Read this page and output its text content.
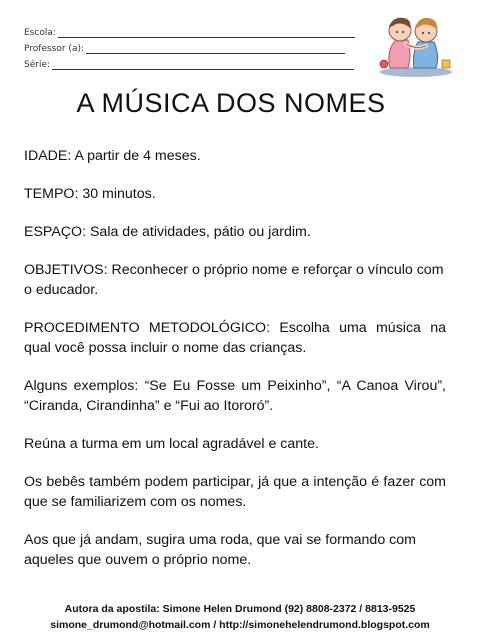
Escola:
Professor (a):
Série:
A MÚSICA DOS NOMES

IDADE: A partir de 4 meses.

TEMPO: 30 minutos.

ESPAÇO: Sala de atividades, pátio ou jardim.

OBJETIVOS: Reconhecer o próprio nome e reforçar o vínculo com o educador.

PROCEDIMENTO METODOLÓGICO: Escolha uma música na qual você possa incluir o nome das crianças.

Alguns exemplos: “Se Eu Fosse um Peixinho”, “A Canoa Virou”, “Ciranda, Cirandinha” e “Fui ao Itororó”.

Reúna a turma em um local agradável e cante.

Os bebês também podem participar, já que a intenção é fazer com que se familiarizem com os nomes.

Aos que já andam, sugira uma roda, que vai se formando com aqueles que ouvem o próprio nome.

Autora da apostila: Simone Helen Drumond (92) 8808-2372 / 8813-9525
simone_drumond@hotmail.com / http://simonehelendrumond.blogspot.com
